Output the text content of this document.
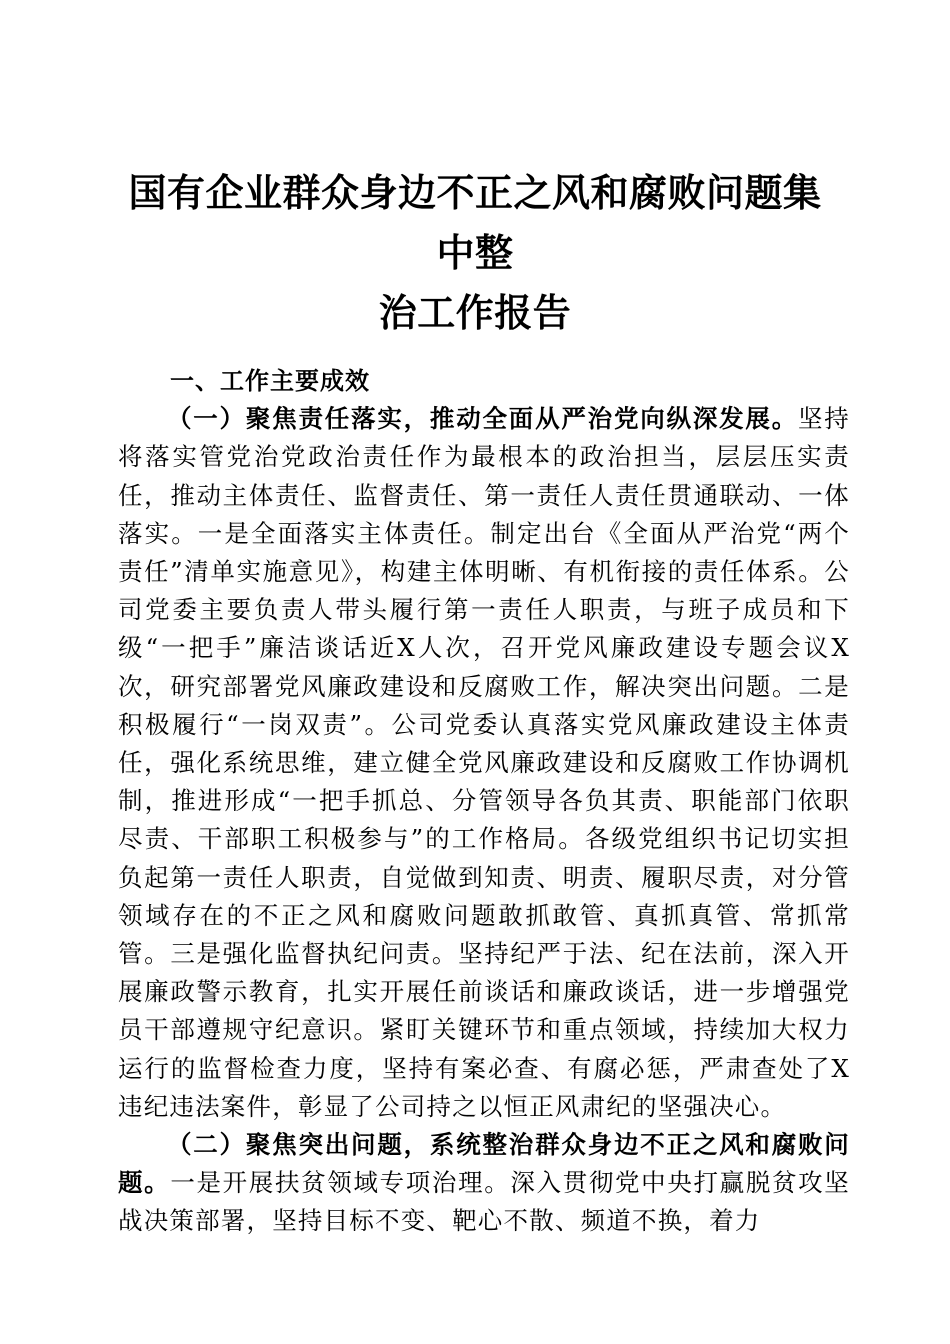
国有企业群众身边不正之风和腐败问题集中整
治工作报告
一、工作主要成效

（一）聚焦责任落实，推动全面从严治党向纵深发展。坚持将落实管党治党政治责任作为最根本的政治担当，层层压实责任，推动主体责任、监督责任、第一责任人责任贯通联动、一体落实。一是全面落实主体责任。制定出台《全面从严治党“两个责任”清单实施意见》，构建主体明晰、有机衔接的责任体系。公司党委主要负责人带头履行第一责任人职责，与班子成员和下级“一把手”廉洁谈话近X人次，召开党风廉政建设专题会议X次，研究部署党风廉政建设和反腐败工作，解决突出问题。二是积极履行“一岗双责”。公司党委认真落实党风廉政建设主体责任，强化系统思维，建立健全党风廉政建设和反腐败工作协调机制，推进形成“一把手抓总、分管领导各负其责、职能部门依职尽责、干部职工积极参与”的工作格局。各级党组织书记切实担负起第一责任人职责，自觉做到知责、明责、履职尽责，对分管领域存在的不正之风和腐败问题敢抓敢管、真抓真管、常抓常管。三是强化监督执纪问责。坚持纪严于法、纪在法前，深入开展廉政警示教育，扎实开展任前谈话和廉政谈话，进一步增强党员干部遵规守纪意识。紧盯关键环节和重点领域，持续加大权力运行的监督检查力度，坚持有案必查、有腐必惩，严肃查处了X违纪违法案件，彰显了公司持之以恒正风肃纪的坚强决心。

（二）聚焦突出问题，系统整治群众身边不正之风和腐败问题。一是开展扶贫领域专项治理。深入贯彻党中央打赢脱贫攻坚战决策部署，坚持目标不变、靶心不散、频道不换，着力
